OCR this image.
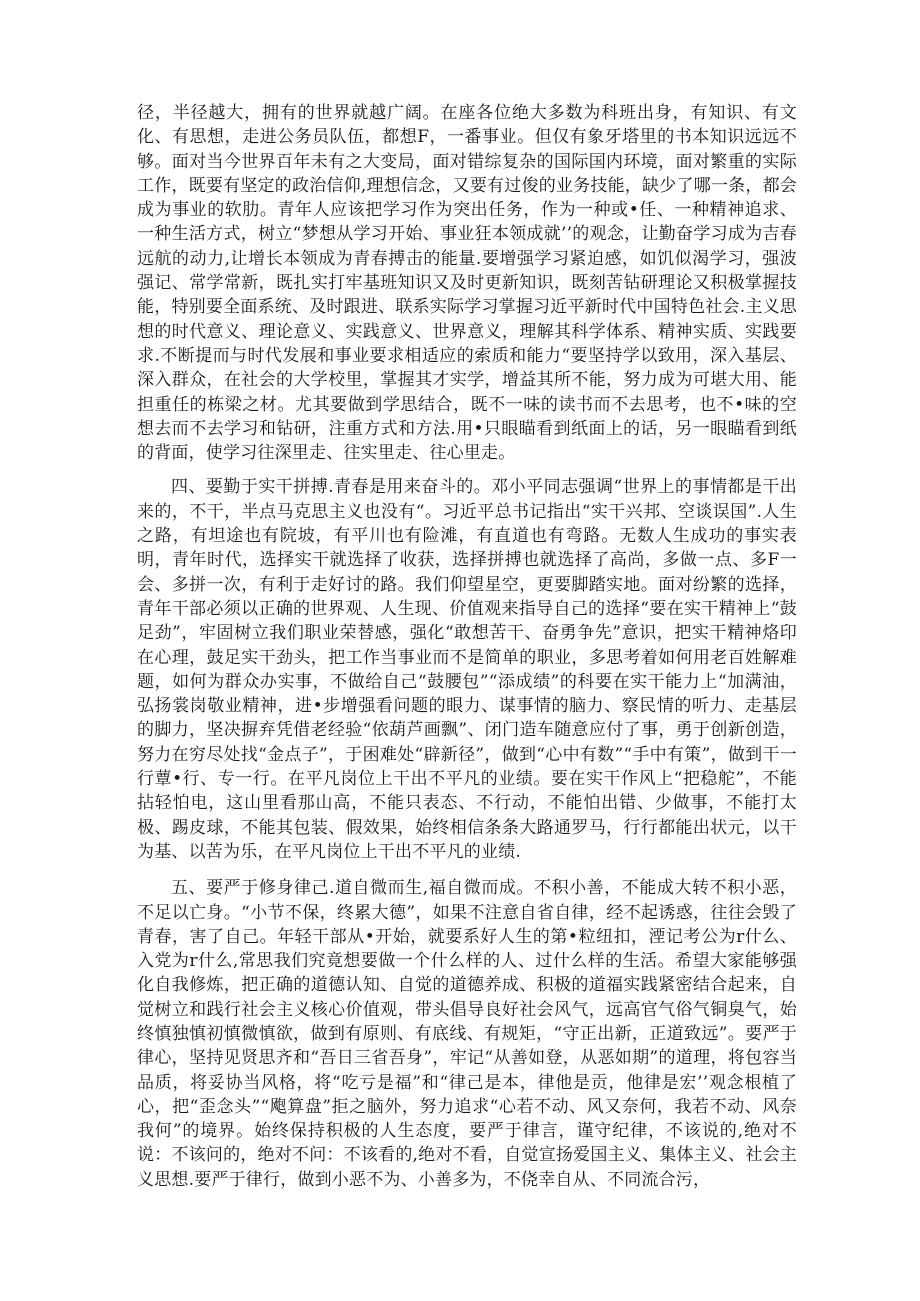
径，半径越大，拥有的世界就越广阔。在座各位绝大多数为科班出身，有知识、有文化、有思想，走进公务员队伍，都想F，一番事业。但仅有象牙塔里的书本知识远远不够。面对当今世界百年未有之大变局，面对错综复杂的国际国内环境，面对繁重的实际工作，既要有坚定的政治信仰,理想信念，又要有过俊的业务技能，缺少了哪一条，都会成为事业的软肋。青年人应该把学习作为突出任务，作为一种或•任、一种精神追求、一种生活方式，树立“梦想从学习开始、事业狂本领成就’’的观念，让勤奋学习成为吉春远航的动力,让增长本领成为青春搏击的能量.要增强学习紧迫感，如饥似渴学习，强波强记、常学常新，既扎实打牢基班知识又及时更新知识，既刻苦钻研理论又积极掌握技能，特别要全面系统、及时跟进、联系实际学习掌握习近平新时代中国特色社会.主义思想的时代意义、理论意义、实践意义、世界意义，理解其科学体系、精神实质、实践要求.不断提而与时代发展和事业要求相适应的索质和能力“要坚持学以致用，深入基层、深入群众，在社会的大学校里，掌握其才实学，增益其所不能，努力成为可堪大用、能担重任的栋梁之材。尤其要做到学思结合，既不一味的读书而不去思考，也不•味的空想去而不去学习和钻研，注重方式和方法.用•只眼瞄看到纸面上的话，另一眼瞄看到纸的背面，使学习往深里走、往实里走、往心里走。

四、要勤于实干拼搏.青春是用来奋斗的。邓小平同志强调“世界上的事情都是干出来的，不干，半点马克思主义也没有“。习近平总书记指出“实干兴邦、空谈误国”.人生之路，有坦途也有院坡，有平川也有险滩，有直道也有弯路。无数人生成功的事实表明，青年时代，选择实干就选择了收获，选择拼搏也就选择了高尚，多做一点、多F一会、多拼一次，有利于走好讨的路。我们仰望星空，更要脚踏实地。面对纷繁的选择，青年干部必须以正确的世界观、人生现、价值观来指导自己的选择“要在实干精神上“鼓足劲”，牢固树立我们职业荣替感，强化“敢想苦干、奋勇争先”意识，把实干精神烙印在心理，鼓足实干劲头，把工作当事业而不是简单的职业，多思考着如何用老百姓解难题，如何为群众办实事，不做给自己“鼓腰包”“添成绩”的科要在实干能力上“加满油，弘扬裳岗敬业精神，进•步增强看问题的眼力、谋事情的脑力、察民情的听力、走基层的脚力，坚决摒弃凭借老经验“依葫芦画飘”、闭门造车随意应付了事，勇于创新创造，努力在穷尽处找“金点子”，于困难处“辟新径”，做到“心中有数”“手中有策”，做到干一行蕈•行、专一行。在平凡岗位上干出不平凡的业绩。要在实干作风上“把稳舵”，不能拈轻怕电，这山里看那山高，不能只表态、不行动，不能怕出错、少做事，不能打太极、踢皮球，不能其包装、假效果，始终相信条条大路通罗马，行行都能出状元，以干为基、以苦为乐，在平凡岗位上干出不平凡的业绩.

五、要严于修身律己.道自微而生,福自微而成。不积小善，不能成大转不积小恶，不足以亡身。“小节不保，终累大德”，如果不注意自省自律，经不起诱惑，往往会毁了青春，害了自己。年轻干部从•开始，就要系好人生的第•粒纽扣，湮记考公为r什么、入党为r什么,常思我们究竟想要做一个什么样的人、过什么样的生活。希望大家能够强化自我修炼，把正确的道德认知、自觉的道德养成、积极的道福实践紧密结合起来，自觉树立和践行社会主义核心价值观，带头倡导良好社会风气，远高官气俗气铜臭气，始终慎独慎初慎微慎欲，做到有原则、有底线、有规矩，“守正出新，正道致远”。要严于律心，坚持见贤思齐和“吾日三省吾身”，牢记“从善如登，从恶如期”的道理，将包容当品质，将妥协当风格，将“吃亏是福”和“律己是本，律他是贡，他律是宏’’观念根植了心，把“歪念头”“飑算盘”拒之脑外，努力追求“心若不动、风又奈何，我若不动、风奈我何”的境界。始终保持积极的人生态度，要严于律言，谨守纪律，不该说的,绝对不说：不该问的，绝对不问：不该看的,绝对不看，自觉宣扬爱国主义、集体主义、社会主义思想.要严于律行，做到小恶不为、小善多为，不侥幸自从、不同流合污，
